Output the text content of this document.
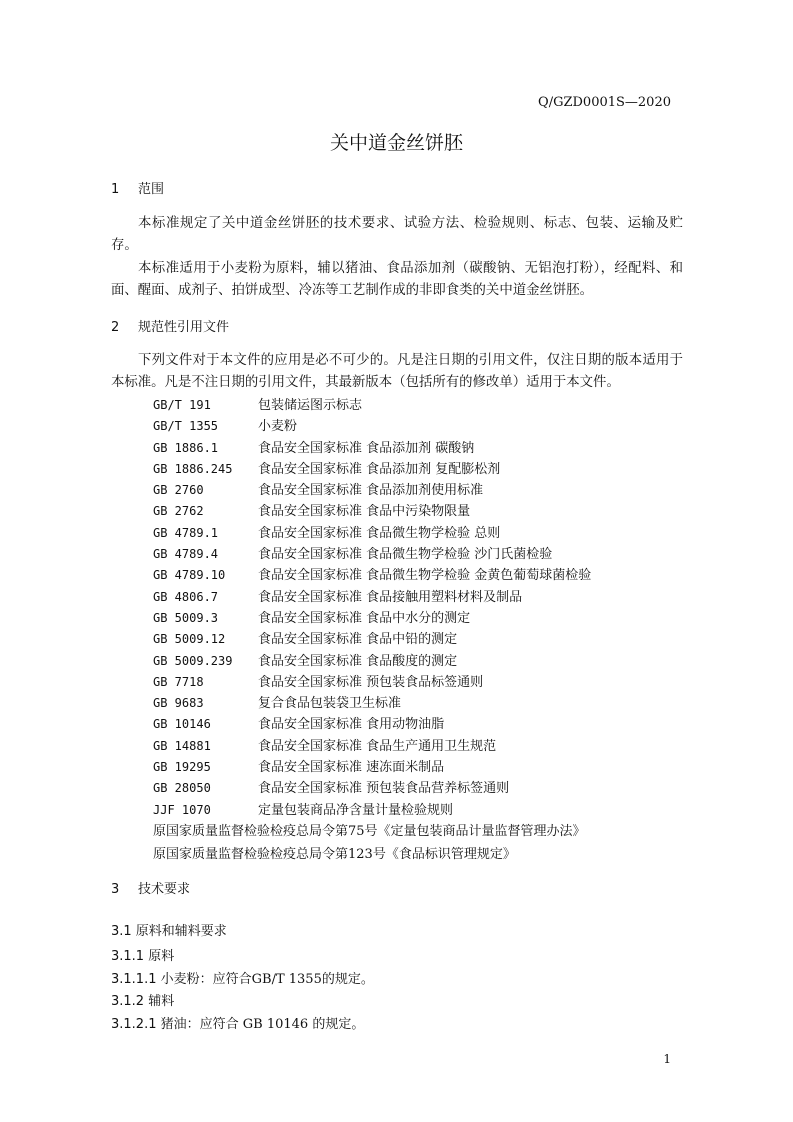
Q/GZD0001S—2020
关中道金丝饼胚
1 范围
本标准规定了关中道金丝饼胚的技术要求、试验方法、检验规则、标志、包装、运输及贮存。
本标准适用于小麦粉为原料，辅以猪油、食品添加剂（碳酸钠、无铝泡打粉），经配料、和面、醒面、成剂子、拍饼成型、冷冻等工艺制作成的非即食类的关中道金丝饼胚。
2 规范性引用文件
下列文件对于本文件的应用是必不可少的。凡是注日期的引用文件，仅注日期的版本适用于本标准。凡是不注日期的引用文件，其最新版本（包括所有的修改单）适用于本文件。
GB/T 191	包装储运图示标志
GB/T 1355	小麦粉
GB 1886.1	食品安全国家标准 食品添加剂 碳酸钠
GB 1886.245 食品安全国家标准 食品添加剂 复配膨松剂
GB 2760	食品安全国家标准 食品添加剂使用标准
GB 2762	食品安全国家标准 食品中污染物限量
GB 4789.1	食品安全国家标准 食品微生物学检验 总则
GB 4789.4	食品安全国家标准 食品微生物学检验 沙门氏菌检验
GB 4789.10	食品安全国家标准 食品微生物学检验 金黄色葡萄球菌检验
GB 4806.7	食品安全国家标准 食品接触用塑料材料及制品
GB 5009.3	食品安全国家标准 食品中水分的测定
GB 5009.12	食品安全国家标准 食品中铅的测定
GB 5009.239 食品安全国家标准 食品酸度的测定
GB 7718	食品安全国家标准 预包装食品标签通则
GB 9683	复合食品包装袋卫生标准
GB 10146	食品安全国家标准 食用动物油脂
GB 14881	食品安全国家标准 食品生产通用卫生规范
GB 19295	食品安全国家标准 速冻面米制品
GB 28050	食品安全国家标准 预包装食品营养标签通则
JJF 1070	定量包装商品净含量计量检验规则
原国家质量监督检验检疫总局令第75号《定量包装商品计量监督管理办法》
原国家质量监督检验检疫总局令第123号《食品标识管理规定》
3 技术要求
3.1 原料和辅料要求
3.1.1 原料
3.1.1.1 小麦粉：应符合GB/T 1355的规定。
3.1.2 辅料
3.1.2.1 猪油：应符合 GB 10146 的规定。
1
